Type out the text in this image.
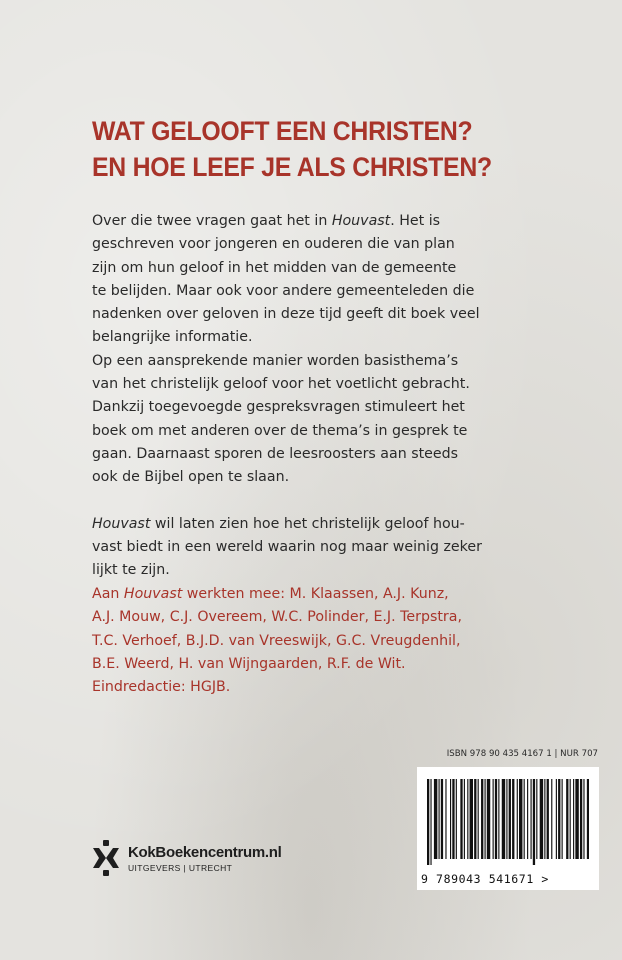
WAT GELOOFT EEN CHRISTEN?
EN HOE LEEF JE ALS CHRISTEN?

Over die twee vragen gaat het in Houvast. Het is
geschreven voor jongeren en ouderen die van plan
zijn om hun geloof in het midden van de gemeente
te belijden. Maar ook voor andere gemeenteleden die
nadenken over geloven in deze tijd geeft dit boek veel
belangrijke informatie.
Op een aansprekende manier worden basisthema’s
van het christelijk geloof voor het voetlicht gebracht.
Dankzij toegevoegde gespreksvragen stimuleert het
boek om met anderen over de thema’s in gesprek te
gaan. Daarnaast sporen de leesroosters aan steeds
ook de Bijbel open te slaan.

Houvast wil laten zien hoe het christelijk geloof hou-
vast biedt in een wereld waarin nog maar weinig zeker
lijkt te zijn.

Aan Houvast werkten mee: M. Klaassen, A.J. Kunz,
A.J. Mouw, C.J. Overeem, W.C. Polinder, E.J. Terpstra,
T.C. Verhoef, B.J.D. van Vreeswijk, G.C. Vreugdenhil,
B.E. Weerd, H. van Wijngaarden, R.F. de Wit.
Eindredactie: HGJB.
ISBN 978 90 435 4167 1 | NUR 707
9 789043 541671 >
KokBoekencentrum.nl
UITGEVERS | UTRECHT
